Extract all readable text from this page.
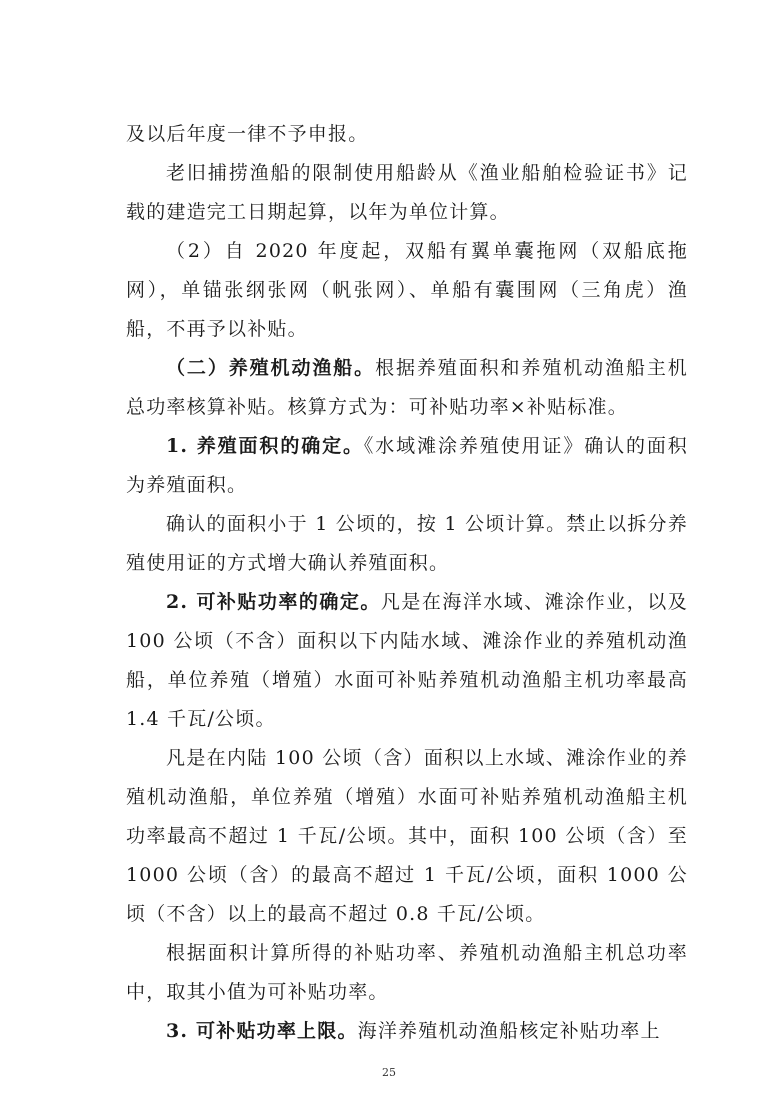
及以后年度一律不予申报。

老旧捕捞渔船的限制使用船龄从《渔业船舶检验证书》记载的建造完工日期起算，以年为单位计算。

（2）自 2020 年度起，双船有翼单囊拖网（双船底拖网），单锚张纲张网（帆张网）、单船有囊围网（三角虎）渔船，不再予以补贴。

（二）养殖机动渔船。根据养殖面积和养殖机动渔船主机总功率核算补贴。核算方式为：可补贴功率×补贴标准。

1. 养殖面积的确定。《水域滩涂养殖使用证》确认的面积为养殖面积。

确认的面积小于 1 公顷的，按 1 公顷计算。禁止以拆分养殖使用证的方式增大确认养殖面积。

2. 可补贴功率的确定。凡是在海洋水域、滩涂作业，以及 100 公顷（不含）面积以下内陆水域、滩涂作业的养殖机动渔船，单位养殖（增殖）水面可补贴养殖机动渔船主机功率最高 1.4 千瓦/公顷。

凡是在内陆 100 公顷（含）面积以上水域、滩涂作业的养殖机动渔船，单位养殖（增殖）水面可补贴养殖机动渔船主机功率最高不超过 1 千瓦/公顷。其中，面积 100 公顷（含）至 1000 公顷（含）的最高不超过 1 千瓦/公顷，面积 1000 公顷（不含）以上的最高不超过 0.8 千瓦/公顷。

根据面积计算所得的补贴功率、养殖机动渔船主机总功率中，取其小值为可补贴功率。

3. 可补贴功率上限。海洋养殖机动渔船核定补贴功率上

25
